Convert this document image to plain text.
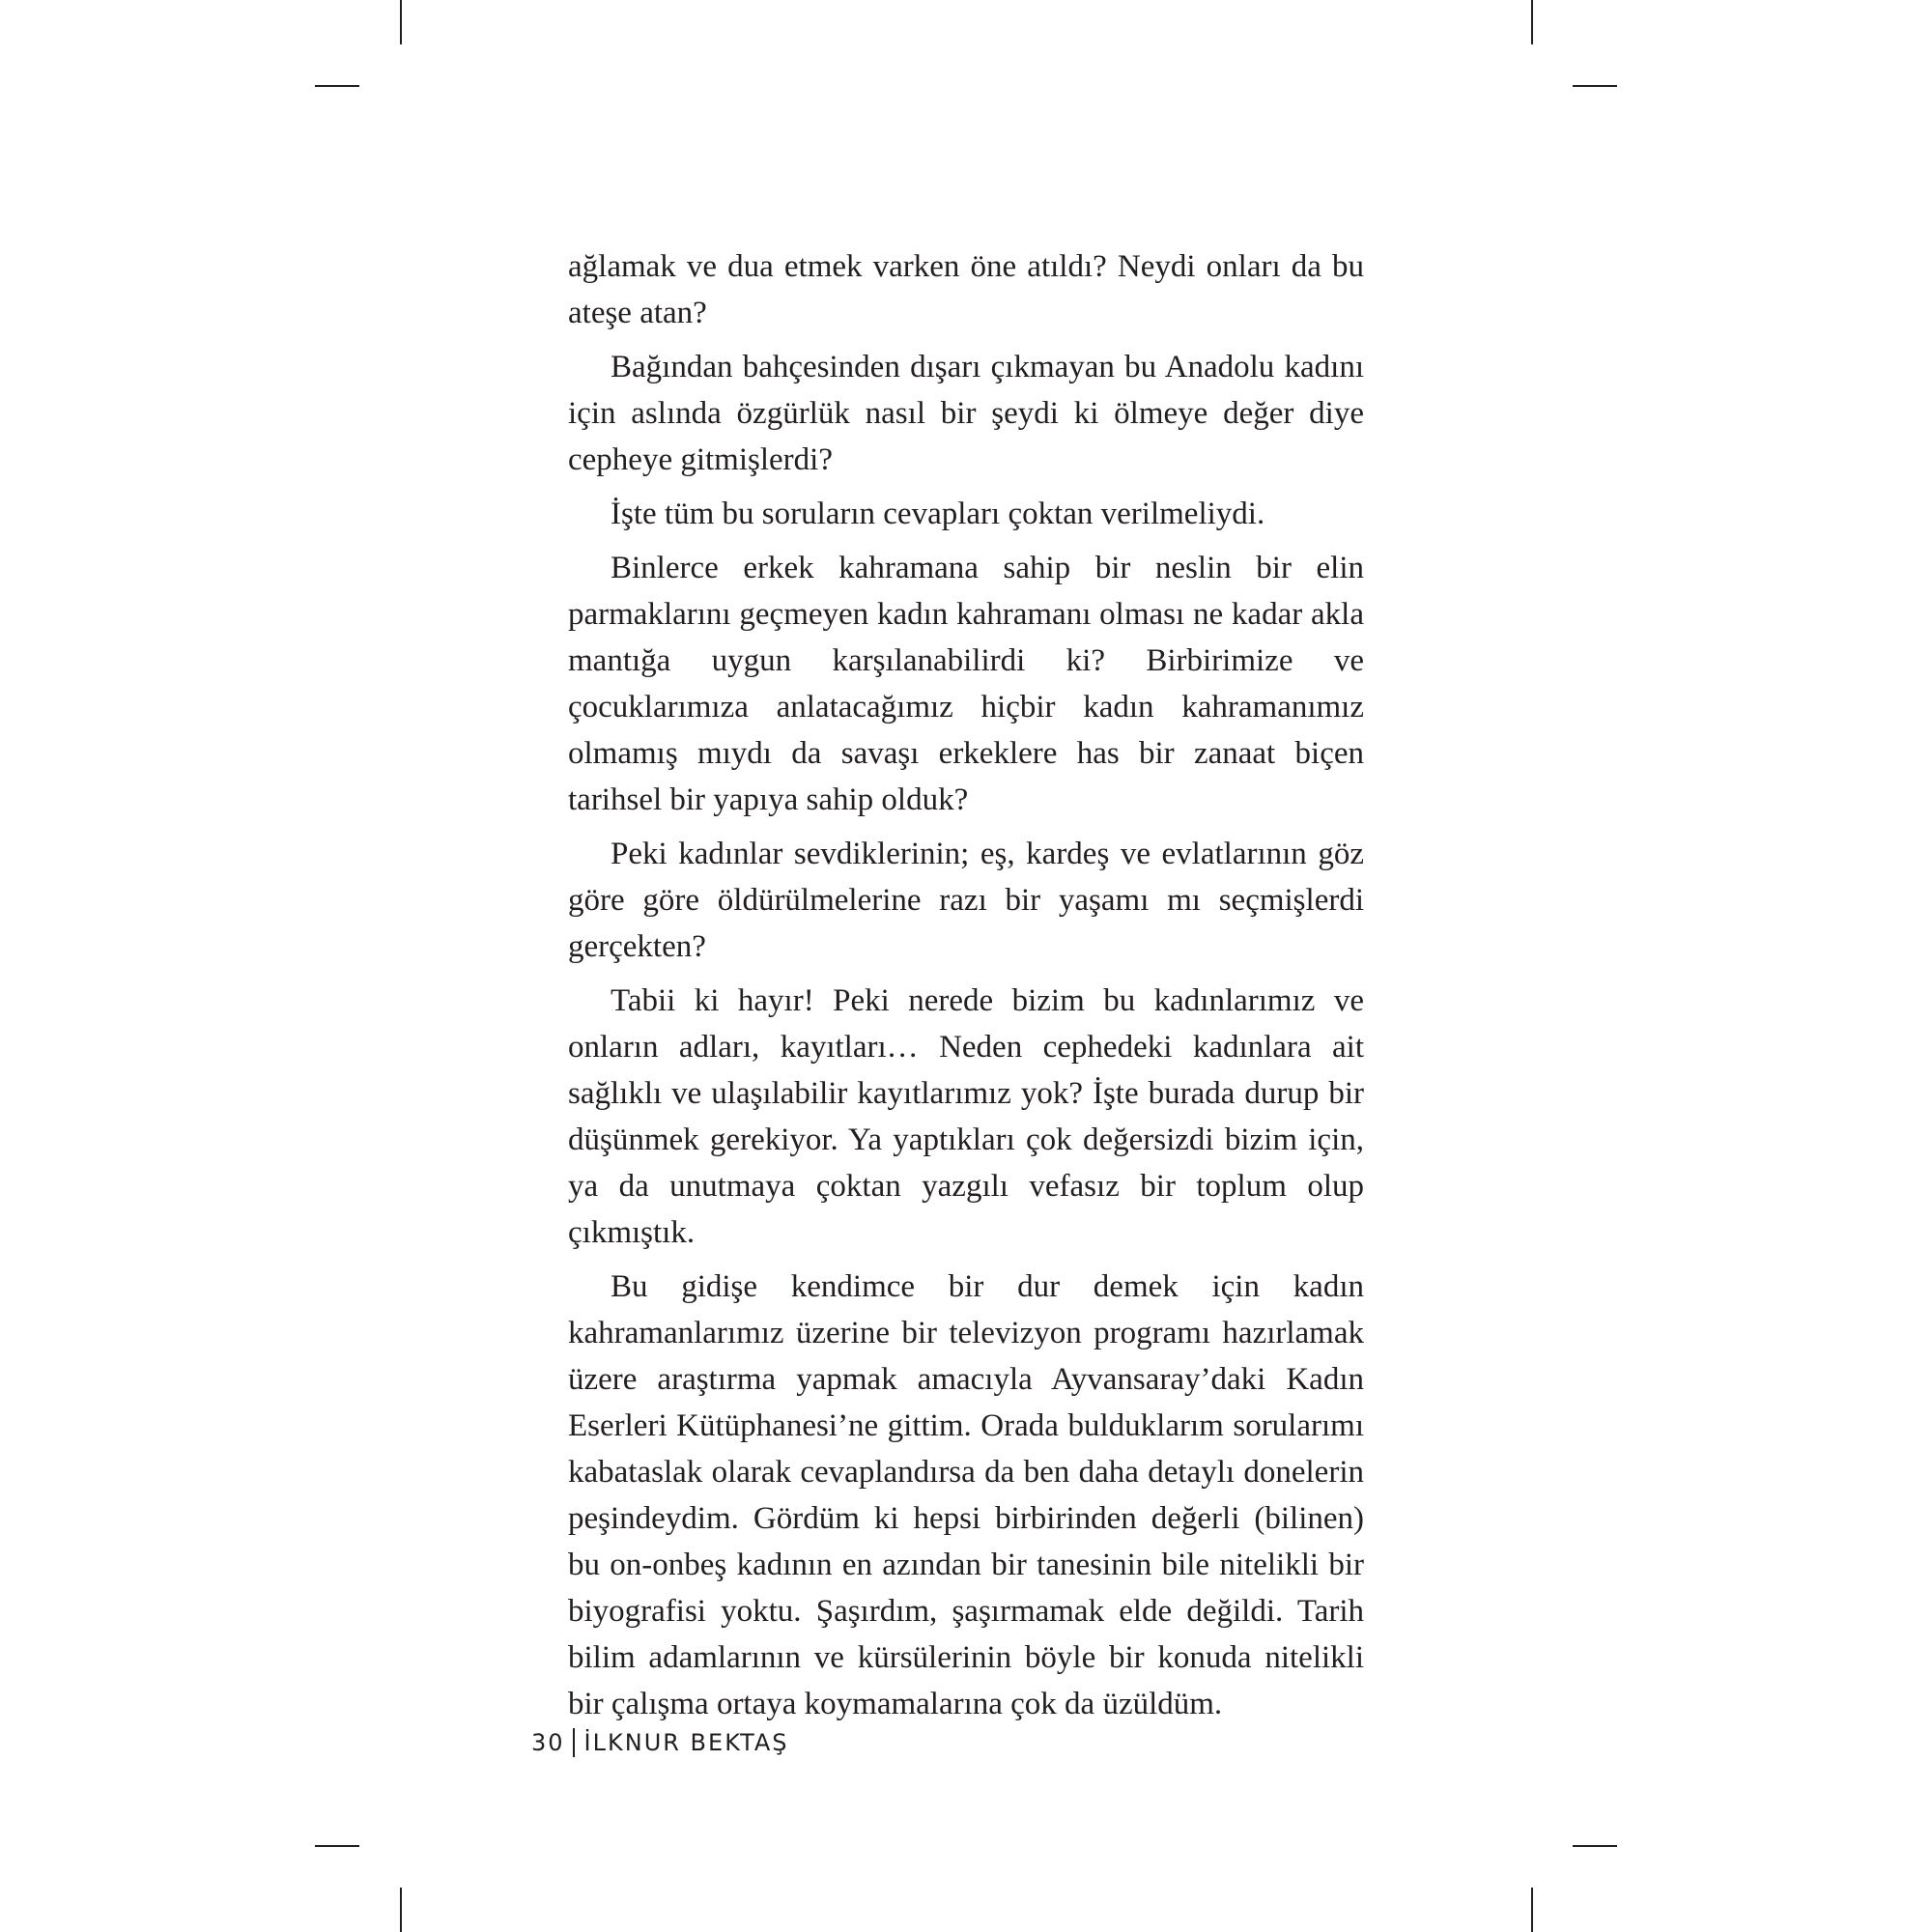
ağlamak ve dua etmek varken öne atıldı? Neydi onları da bu ateşe atan?

Bağından bahçesinden dışarı çıkmayan bu Anadolu kadını için aslında özgürlük nasıl bir şeydi ki ölmeye değer diye cepheye gitmişlerdi?

İşte tüm bu soruların cevapları çoktan verilmeliydi.

Binlerce erkek kahramana sahip bir neslin bir elin parmaklarını geçmeyen kadın kahramanı olması ne kadar akla mantığa uygun karşılanabilirdi ki? Birbirimize ve çocuklarımıza anlatacağımız hiçbir kadın kahramanımız olmamış mıydı da savaşı erkeklere has bir zanaat biçen tarihsel bir yapıya sahip olduk?

Peki kadınlar sevdiklerinin; eş, kardeş ve evlatlarının göz göre göre öldürülmelerine razı bir yaşamı mı seçmişlerdi gerçekten?

Tabii ki hayır! Peki nerede bizim bu kadınlarımız ve onların adları, kayıtları… Neden cephedeki kadınlara ait sağlıklı ve ulaşılabilir kayıtlarımız yok? İşte burada durup bir düşünmek gerekiyor. Ya yaptıkları çok değersizdi bizim için, ya da unutmaya çoktan yazgılı vefasız bir toplum olup çıkmıştık.

Bu gidişe kendimce bir dur demek için kadın kahramanlarımız üzerine bir televizyon programı hazırlamak üzere araştırma yapmak amacıyla Ayvansaray’daki Kadın Eserleri Kütüphanesi’ne gittim. Orada bulduklarım sorularımı kabataslak olarak cevaplandırsa da ben daha detaylı donelerin peşindeydim. Gördüm ki hepsi birbirinden değerli (bilinen) bu on-onbeş kadının en azından bir tanesinin bile nitelikli bir biyografisi yoktu. Şaşırdım, şaşırmamak elde değildi. Tarih bilim adamlarının ve kürsülerinin böyle bir konuda nitelikli bir çalışma ortaya koymamalarına çok da üzüldüm.

30 İLKNUR BEKTAŞ
